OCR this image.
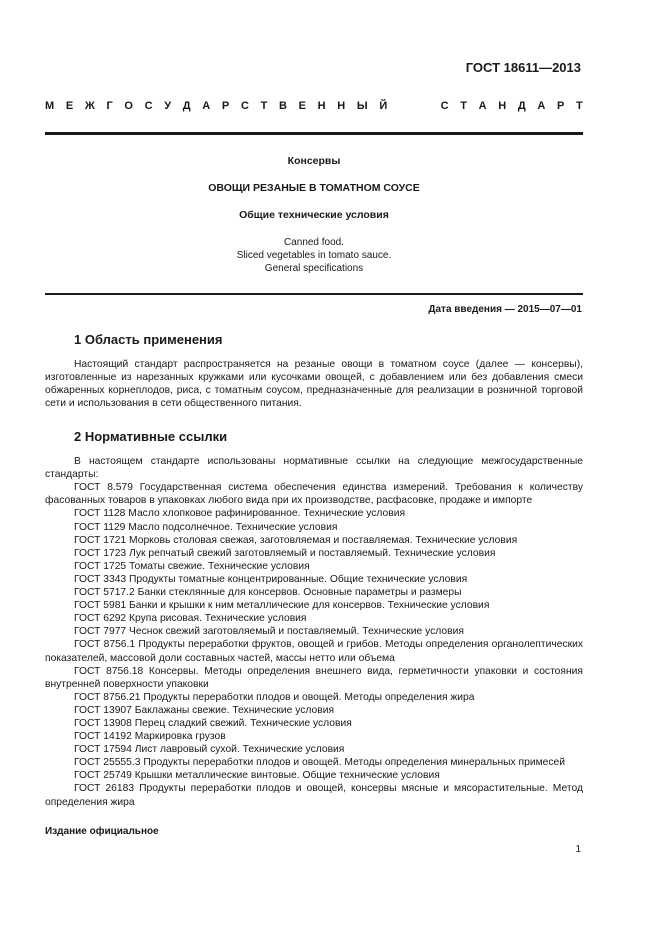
ГОСТ 18611—2013
М Е Ж Г О С У Д А Р С Т В Е Н Н Ы Й	С Т А Н Д А Р Т
Консервы
ОВОЩИ РЕЗАНЫЕ В ТОМАТНОМ СОУСЕ
Общие технические условия
Canned food.
Sliced vegetables in tomato sauce.
General specifications
Дата введения — 2015—07—01
1 Область применения

Настоящий стандарт распространяется на резаные овощи в томатном соусе (далее — консервы), изготовленные из нарезанных кружками или кусочками овощей, с добавлением или без добавления смеси обжаренных корнеплодов, риса, с томатным соусом, предназначенные для реализации в розничной торговой сети и использования в сети общественного питания.

2 Нормативные ссылки

В настоящем стандарте использованы нормативные ссылки на следующие межгосударственные стандарты:

ГОСТ 8.579 Государственная система обеспечения единства измерений. Требования к количеству фасованных товаров в упаковках любого вида при их производстве, расфасовке, продаже и импорте

ГОСТ 1128 Масло хлопковое рафинированное. Технические условия

ГОСТ 1129 Масло подсолнечное. Технические условия

ГОСТ 1721 Морковь столовая свежая, заготовляемая и поставляемая. Технические условия

ГОСТ 1723 Лук репчатый свежий заготовляемый и поставляемый. Технические условия

ГОСТ 1725 Томаты свежие. Технические условия

ГОСТ 3343 Продукты томатные концентрированные. Общие технические условия

ГОСТ 5717.2 Банки стеклянные для консервов. Основные параметры и размеры

ГОСТ 5981 Банки и крышки к ним металлические для консервов. Технические условия

ГОСТ 6292 Крупа рисовая. Технические условия

ГОСТ 7977 Чеснок свежий заготовляемый и поставляемый. Технические условия

ГОСТ 8756.1 Продукты переработки фруктов, овощей и грибов. Методы определения органолептических показателей, массовой доли составных частей, массы нетто или объема

ГОСТ 8756.18 Консервы. Методы определения внешнего вида, герметичности упаковки и состояния внутренней поверхности упаковки

ГОСТ 8756.21 Продукты переработки плодов и овощей. Методы определения жира

ГОСТ 13907 Баклажаны свежие. Технические условия

ГОСТ 13908 Перец сладкий свежий. Технические условия

ГОСТ 14192 Маркировка грузов

ГОСТ 17594 Лист лавровый сухой. Технические условия

ГОСТ 25555.3 Продукты переработки плодов и овощей. Методы определения минеральных примесей

ГОСТ 25749 Крышки металлические винтовые. Общие технические условия

ГОСТ 26183 Продукты переработки плодов и овощей, консервы мясные и мясорастительные. Метод определения жира

Издание официальное
1
